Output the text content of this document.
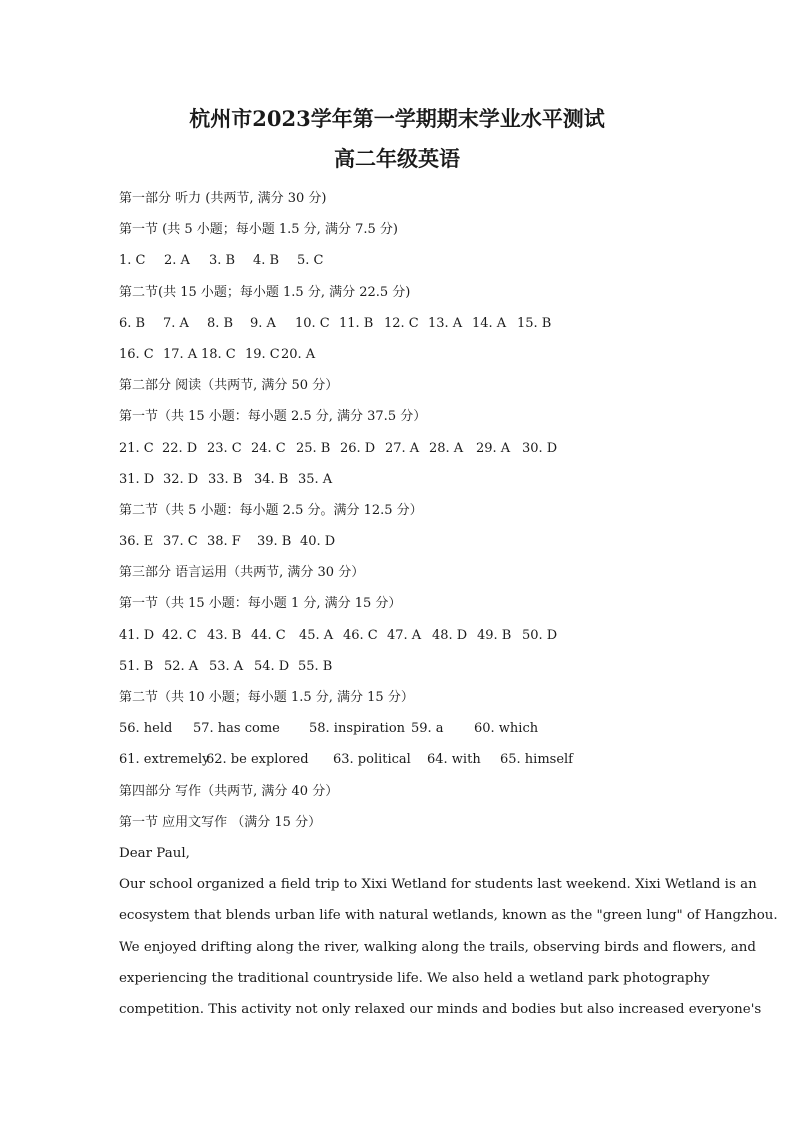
杭州市2023学年第一学期期末学业水平测试
高二年级英语
第一部分 听力 (共两节, 满分 30 分)
第一节 (共 5 小题；每小题 1.5 分, 满分 7.5 分)
1. C 2. A 3. B 4. B 5. C
第二节(共 15 小题；每小题 1.5 分, 满分 22.5 分)
6. B 7. A 8. B 9. A 10. C 11. B 12. C 13. A 14. A 15. B
16. C 17. A 18. C 19. C20. A
第二部分 阅读（共两节, 满分 50 分）
第一节（共 15 小题：每小题 2.5 分, 满分 37.5 分）
21. C 22. D 23. C 24. C 25. B 26. D 27. A 28. A 29. A 30. D
31. D 32. D 33. B 34. B 35. A
第二节（共 5 小题：每小题 2.5 分。满分 12.5 分）
36. E 37. C 38. F 39. B 40. D
第三部分 语言运用（共两节, 满分 30 分）
第一节（共 15 小题：每小题 1 分, 满分 15 分）
41. D 42. C 43. B 44. C 45. A 46. C 47. A 48. D 49. B 50. D
51. B 52. A 53. A 54. D 55. B
第二节（共 10 小题；每小题 1.5 分, 满分 15 分）
56. held 57. has come 58. inspiration 59. a 60. which
61. extremely62. be explored 63. political 64. with 65. himself
第四部分 写作（共两节, 满分 40 分）
第一节 应用文写作 （满分 15 分）
Dear Paul,
Our school organized a field trip to Xixi Wetland for students last weekend. Xixi Wetland is an
ecosystem that blends urban life with natural wetlands, known as the "green lung" of Hangzhou.
We enjoyed drifting along the river, walking along the trails, observing birds and flowers, and
experiencing the traditional countryside life. We also held a wetland park photography
competition. This activity not only relaxed our minds and bodies but also increased everyone's
